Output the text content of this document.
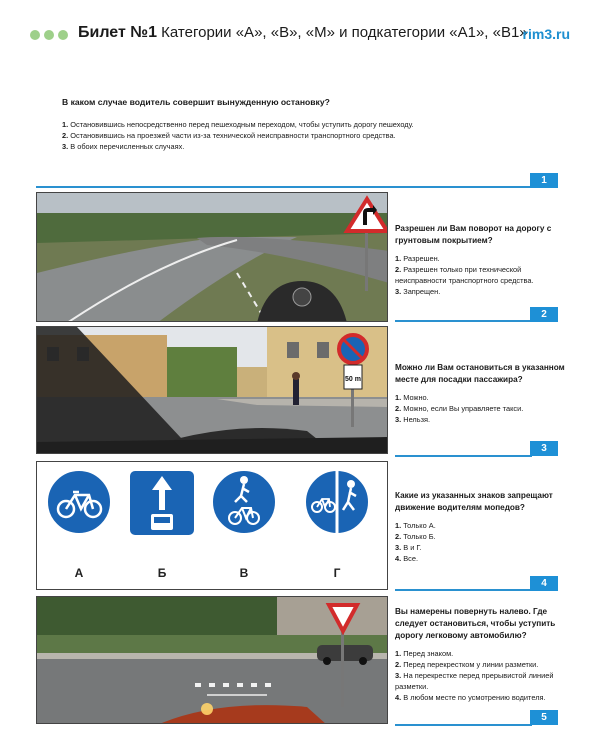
Билет №1 Категории «А», «В», «М» и подкатегории «А1», «В1»
rim3.ru
В каком случае водитель совершит вынужденную остановку?
1. Остановившись непосредственно перед пешеходным переходом, чтобы уступить дорогу пешеходу.
2. Остановившись на проезжей части из-за технической неисправности транспортного средства.
3. В обоих перечисленных случаях.
1
Разрешен ли Вам поворот на дорогу с грунтовым покрытием?
1. Разрешен.
2. Разрешен только при технической неисправности транспортного средства.
3. Запрещен.
2
50 m
Можно ли Вам остановиться в указанном месте для посадки пассажира?
1. Можно.
2. Можно, если Вы управляете такси.
3. Нельзя.
3
А	Б	В	Г
Какие из указанных знаков запрещают движение водителям мопедов?
1. Только А.
2. Только Б.
3. В и Г.
4. Все.
4
Вы намерены повернуть налево. Где следует остановиться, чтобы уступить дорогу легковому автомобилю?
1. Перед знаком.
2. Перед перекрестком у линии разметки.
3. На перекрестке перед прерывистой линией разметки.
4. В любом месте по усмотрению водителя.
5
